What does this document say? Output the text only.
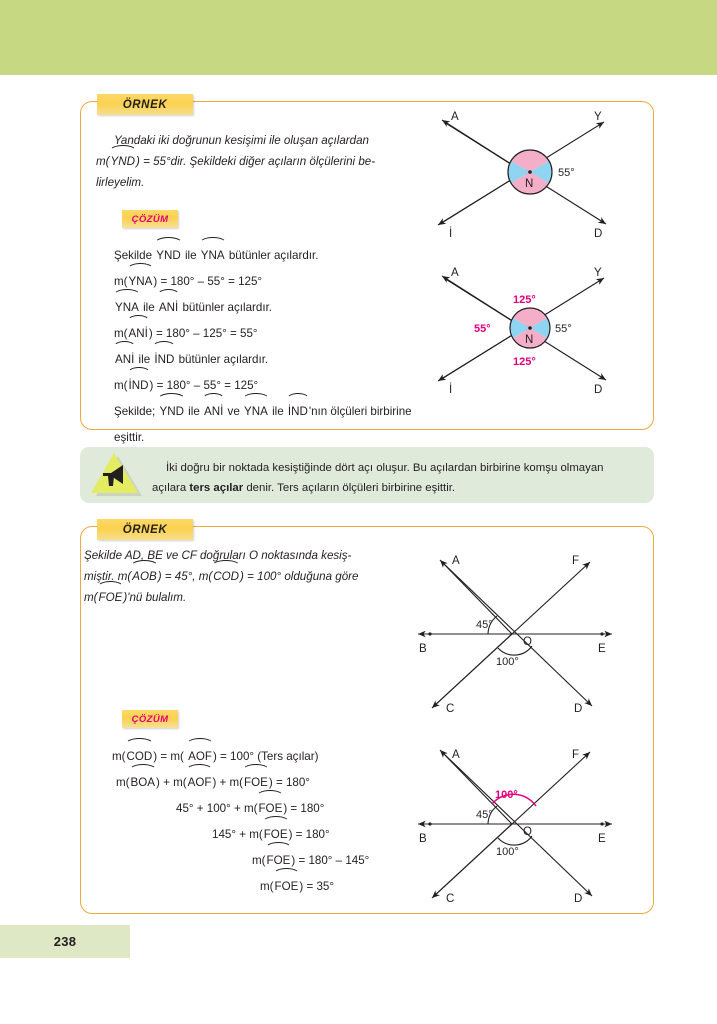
ÖRNEK
Yandaki iki doğrunun kesişimi ile oluşan açılardan
m(YND) = 55°dir. Şekildeki diğer açıların ölçülerini be-
lirleyelim.
ÇÖZÜM
Şekilde YND ile YNA bütünler açılardır.
m(YNA) = 180° – 55° = 125°
YNA ile ANİ bütünler açılardır.
m(ANİ) = 180° – 125° = 55°
ANİ ile İND bütünler açılardır.
m(İND) = 180° – 55° = 125°
Şekilde; YND ile ANİ ve YNA ile İND'nın ölçüleri birbirine eşittir.
A	Y
İ	D
N
55°
A	Y
İ	D
N
125°
55°	55°
125°
İki doğru bir noktada kesiştiğinde dört açı oluşur. Bu açılardan birbirine komşu olmayan
açılara ters açılar denir. Ters açıların ölçüleri birbirine eşittir.
ÖRNEK
Şekilde AD, BE ve CF doğruları O noktasında kesiş-
miştir. m(AOB) = 45°, m(COD) = 100° olduğuna göre
m(FOE)'nü bulalım.
ÇÖZÜM
m(COD) = m( AOF) = 100° (Ters açılar)
m(BOA) + m(AOF) + m(FOE) = 180°
45° + 100° + m(FOE) = 180°
145° + m(FOE) = 180°
m(FOE) = 180° – 145°
m(FOE) = 35°
A	F
B	E
C	D
O
45°
100°
A	F
B	E
C	D
O
100°
45°
100°
238
